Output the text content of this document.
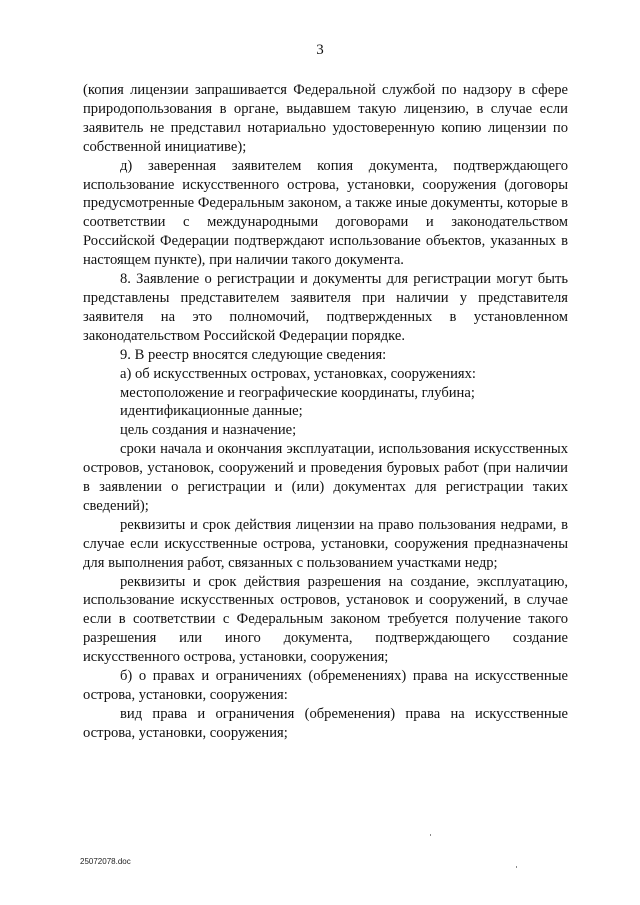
3

(копия лицензии запрашивается Федеральной службой по надзору в сфере природопользования в органе, выдавшем такую лицензию, в случае если заявитель не представил нотариально удостоверенную копию лицензии по собственной инициативе);

д) заверенная заявителем копия документа, подтверждающего использование искусственного острова, установки, сооружения (договоры предусмотренные Федеральным законом, а также иные документы, которые в соответствии с международными договорами и законодательством Российской Федерации подтверждают использование объектов, указанных в настоящем пункте), при наличии такого документа.

8. Заявление о регистрации и документы для регистрации могут быть представлены представителем заявителя при наличии у представителя заявителя на это полномочий, подтвержденных в установленном законодательством Российской Федерации порядке.

9. В реестр вносятся следующие сведения:

а) об искусственных островах, установках, сооружениях:

местоположение и географические координаты, глубина;

идентификационные данные;

цель создания и назначение;

сроки начала и окончания эксплуатации, использования искусственных островов, установок, сооружений и проведения буровых работ (при наличии в заявлении о регистрации и (или) документах для регистрации таких сведений);

реквизиты и срок действия лицензии на право пользования недрами, в случае если искусственные острова, установки, сооружения предназначены для выполнения работ, связанных с пользованием участками недр;

реквизиты и срок действия разрешения на создание, эксплуатацию, использование искусственных островов, установок и сооружений, в случае если в соответствии с Федеральным законом требуется получение такого разрешения или иного документа, подтверждающего создание искусственного острова, установки, сооружения;

б) о правах и ограничениях (обременениях) права на искусственные острова, установки, сооружения:

вид права и ограничения (обременения) права на искусственные острова, установки, сооружения;

25072078.doc
